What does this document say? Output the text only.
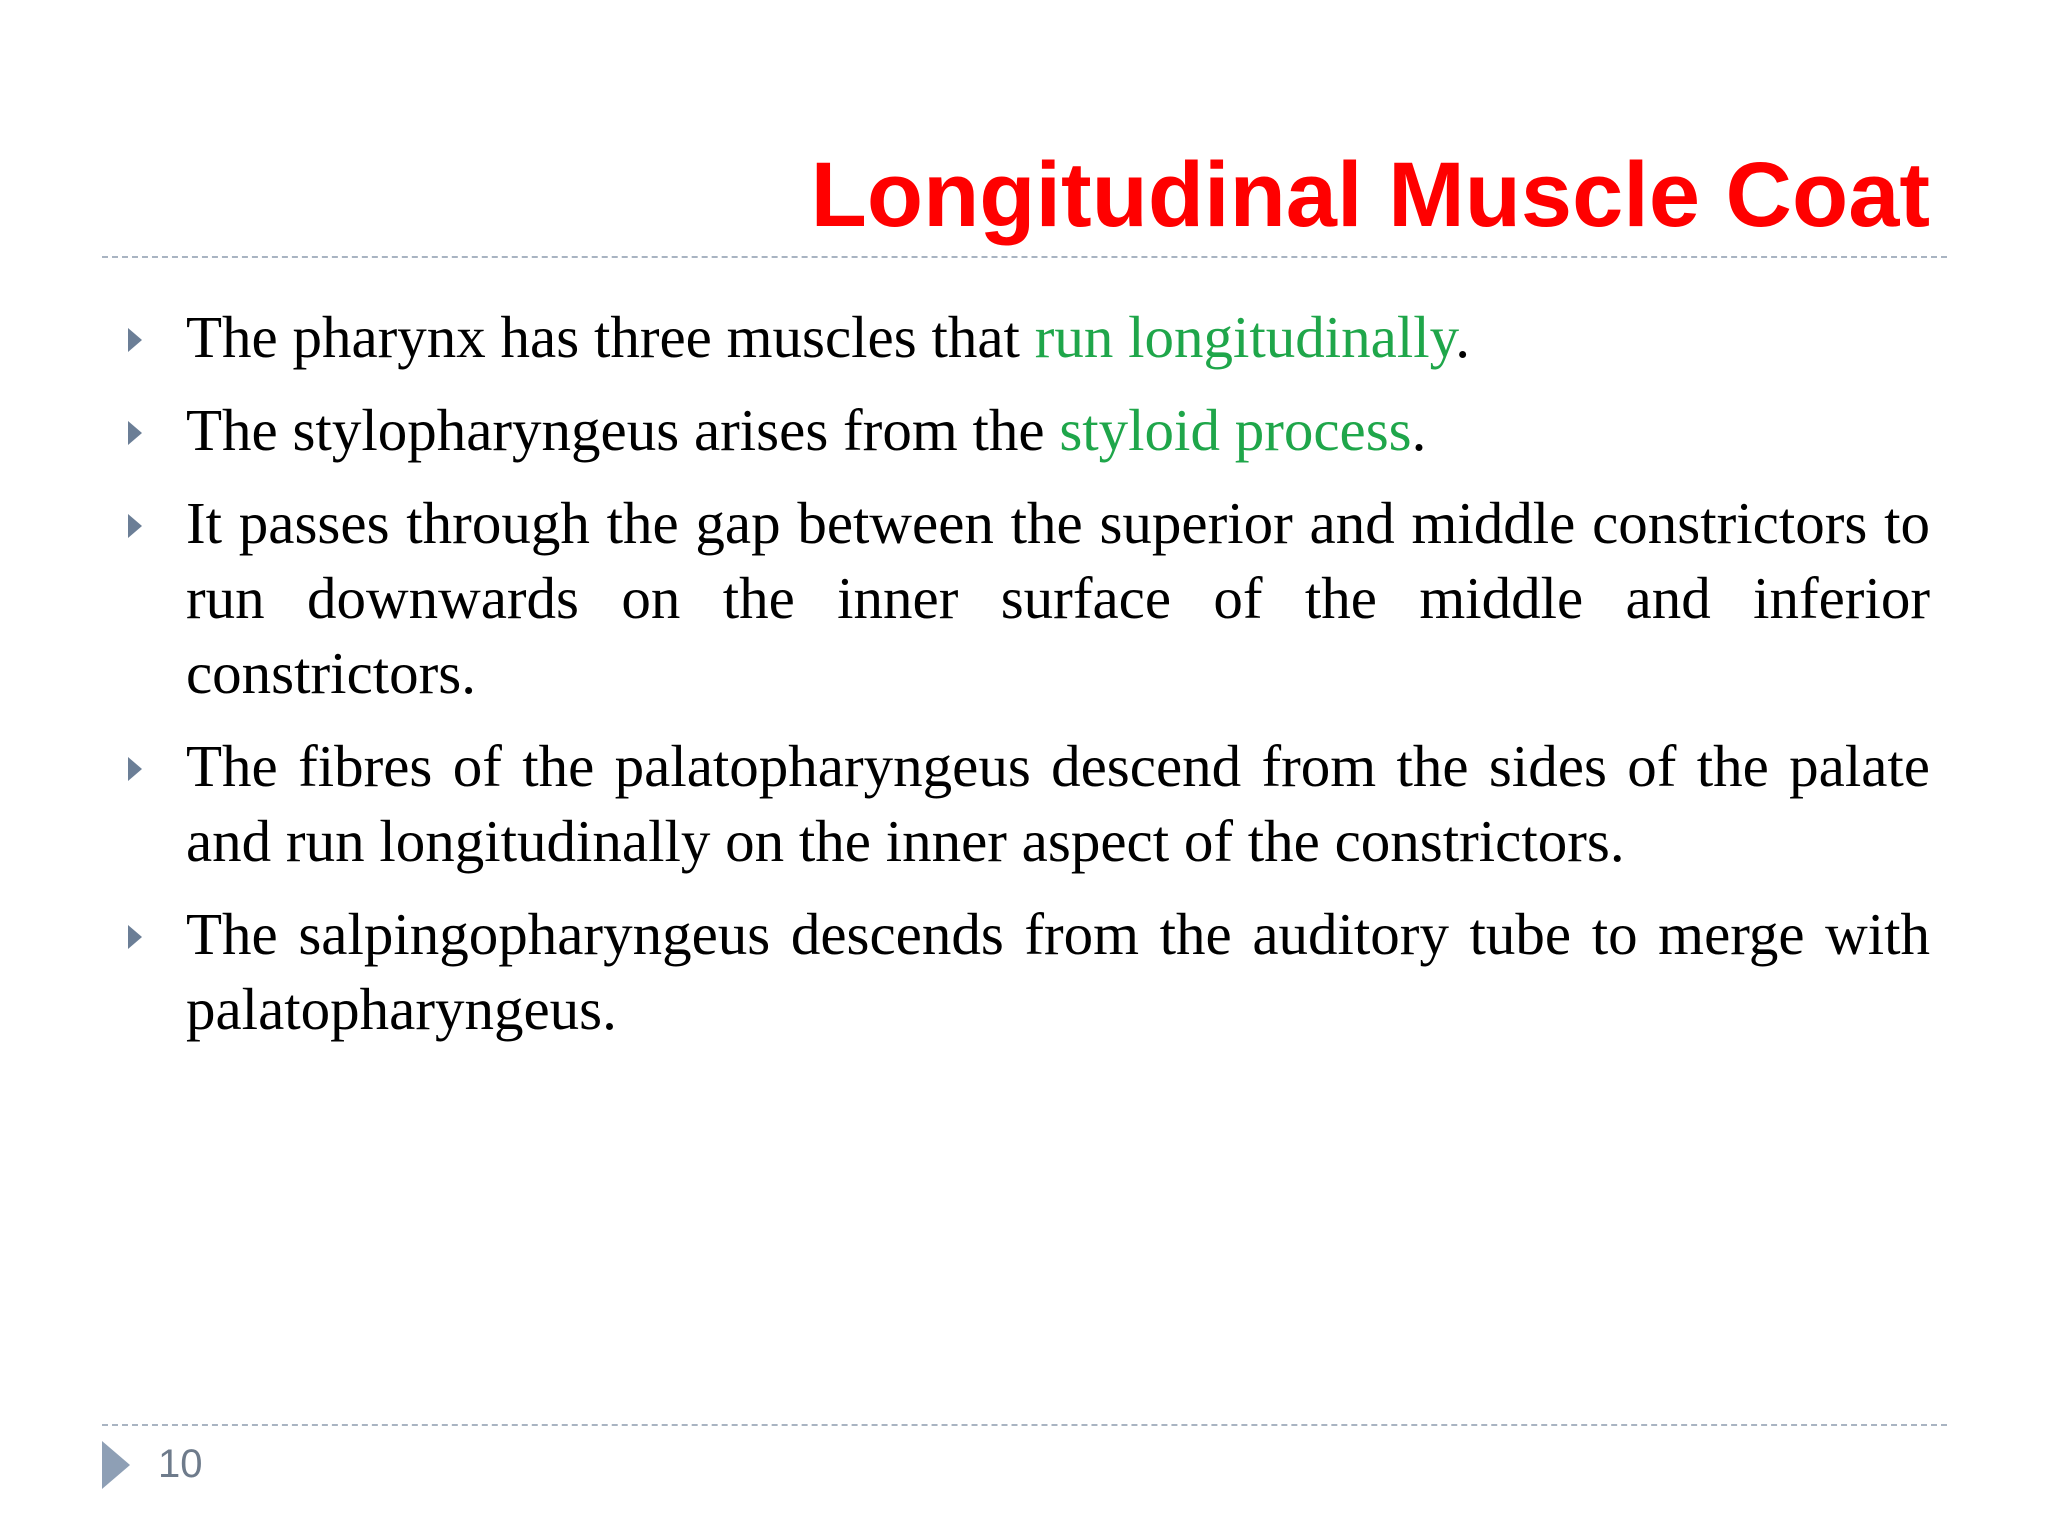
Longitudinal Muscle Coat
The pharynx has three muscles that run longitudinally.
The stylopharyngeus arises from the styloid process.
It passes through the gap between the superior and middle constrictors to run downwards on the inner surface of the middle and inferior constrictors.
The fibres of the palatopharyngeus descend from the sides of the palate and run longitudinally on the inner aspect of the constrictors.
The salpingopharyngeus descends from the auditory tube to merge with palatopharyngeus.
10
